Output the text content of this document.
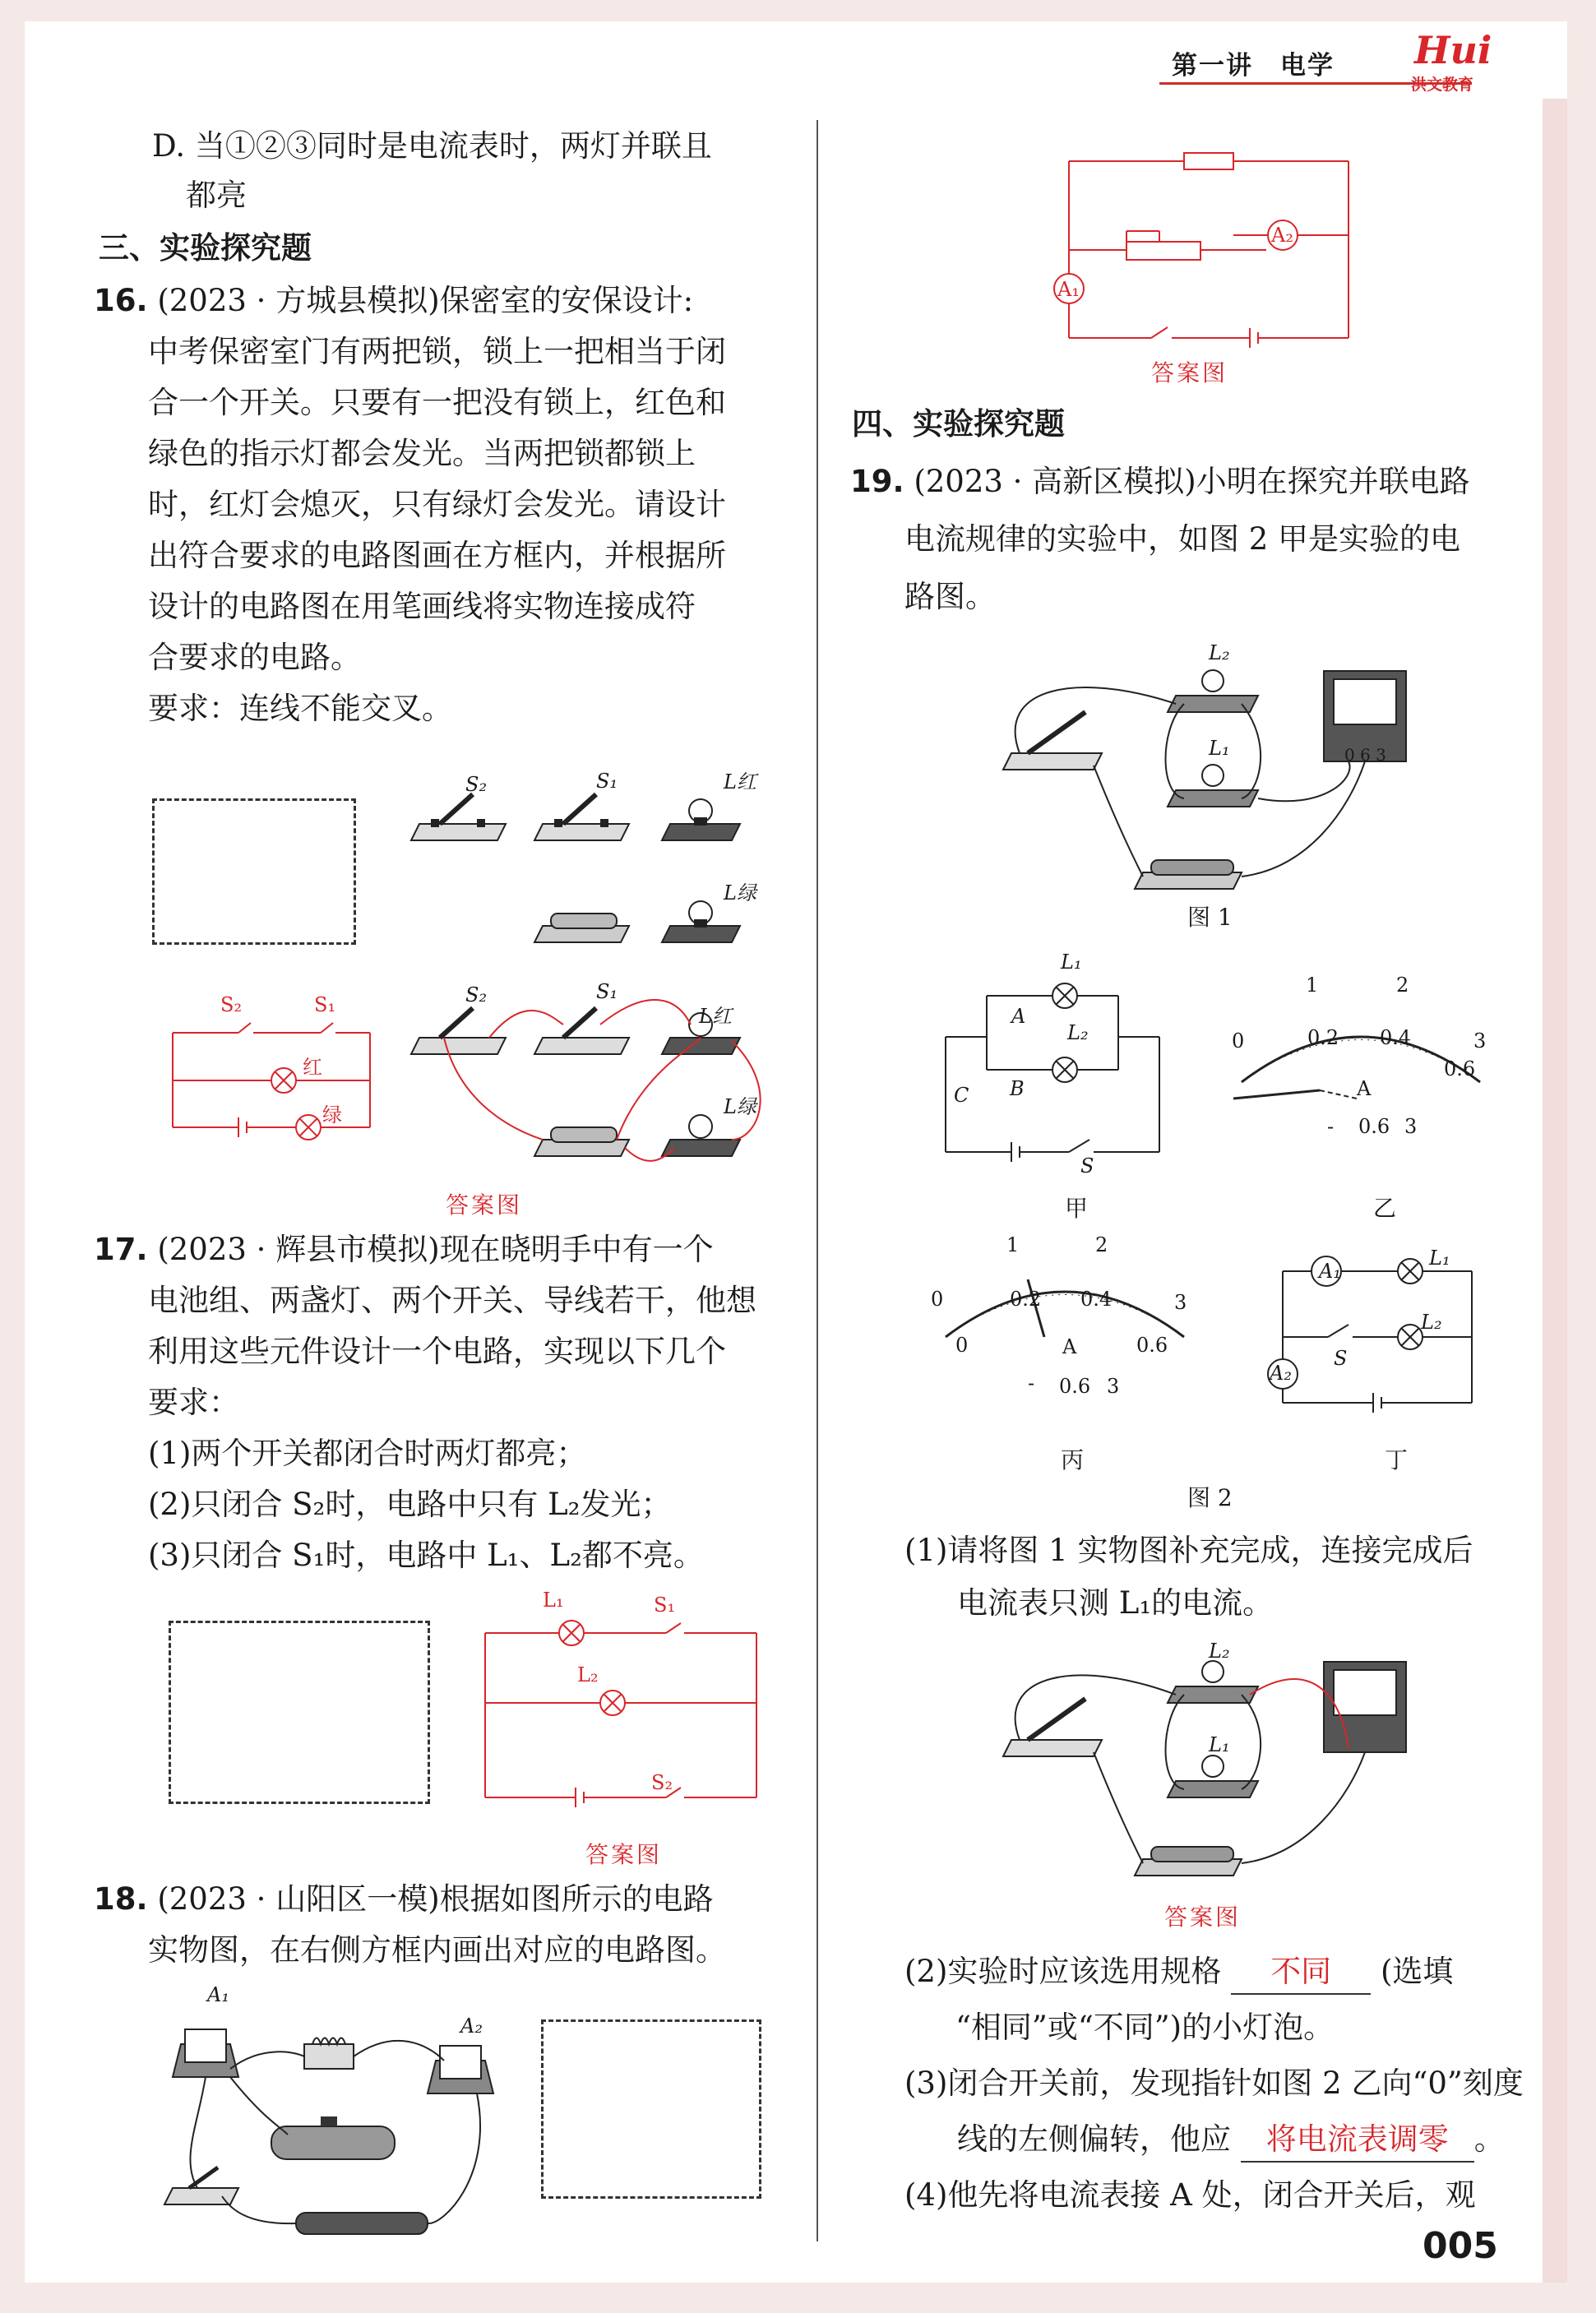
第一讲　电学 Hui
洪文教育
D. 当①②③同时是电流表时，两灯并联且
都亮
三、实验探究题
16. (2023 · 方城县模拟)保密室的安保设计:
中考保密室门有两把锁，锁上一把相当于闭
合一个开关。只要有一把没有锁上，红色和
绿色的指示灯都会发光。当两把锁都锁上
时，红灯会熄灭，只有绿灯会发光。请设计
出符合要求的电路图画在方框内，并根据所
设计的电路图在用笔画线将实物连接成符
合要求的电路。
要求：连线不能交叉。
S₂	S₁	L红
L绿
S₂	S₁
L红
L绿
S₂	S₁
红
绿
答案图
17. (2023 · 辉县市模拟)现在晓明手中有一个
电池组、两盏灯、两个开关、导线若干，他想
利用这些元件设计一个电路，实现以下几个
要求：
(1)两个开关都闭合时两灯都亮；
(2)只闭合 S₂时，电路中只有 L₂发光；
(3)只闭合 S₁时，电路中 L₁、L₂都不亮。
L₁	S₁
L₂
S₂
答案图
18. (2023 · 山阳区一模)根据如图所示的电路
实物图，在右侧方框内画出对应的电路图。
A₁
A₂
A₂
A₁
答案图
四、实验探究题
19. (2023 · 高新区模拟)小明在探究并联电路
电流规律的实验中，如图 2 甲是实验的电
路图。
L₂
L₁	0 6 3
图 1
L₁
L₂
A
B
C
S
甲
0
1	2
3
0.2 0.4
0.6
A
- 0.6 3
乙
0
1	2
3
0
0.2 0.4
0.6
A
- 0.6 3
丙
A₁
A₂
L₁
L₂
S
丁
图 2
(1)请将图 1 实物图补充完成，连接完成后
电流表只测 L₁的电流。
L₂
L₁
答案图
(2)实验时应该选用规格 不同 (选填
“相同”或“不同”)的小灯泡。
(3)闭合开关前，发现指针如图 2 乙向“0”刻度
线的左侧偏转，他应 将电流表调零 。
(4)他先将电流表接 A 处，闭合开关后，观
005
